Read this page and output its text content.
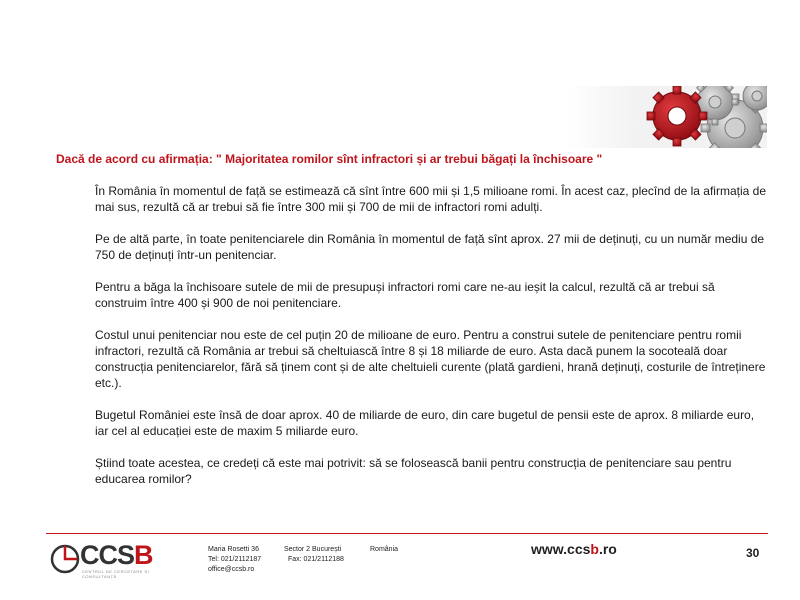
Dacă de acord cu afirmația: " Majoritatea romilor sînt infractori și ar trebui băgați la închisoare "

În România în momentul de față se estimează că sînt între 600 mii și 1,5 milioane romi. În acest caz, plecînd de la afirmația de mai sus, rezultă că ar trebui să fie între 300 mii și 700 de mii de infractori romi adulți.

Pe de altă parte, în toate penitenciarele din România în momentul de față sînt aprox. 27 mii de deținuți, cu un număr mediu de 750 de deținuți într-un penitenciar.

Pentru a băga la închisoare sutele de mii de presupuși infractori romi care ne-au ieșit la calcul, rezultă că ar trebui să construim între 400 și 900 de noi penitenciare.

Costul unui penitenciar nou este de cel puțin 20 de milioane de euro. Pentru a construi sutele de penitenciare pentru romii infractori, rezultă că România ar trebui să cheltuiască între 8 și 18 miliarde de euro. Asta dacă punem la socoteală doar construcția penitenciarelor, fără să ținem cont și de alte cheltuieli curente (plată gardieni, hrană deținuți, costurile de întreținere etc.).

Bugetul României este însă de doar aprox. 40 de miliarde de euro, din care bugetul de pensii este de aprox. 8 miliarde euro, iar cel al educației este de maxim 5 miliarde euro.

Știind toate acestea, ce credeți că este mai potrivit: să se folosească banii pentru construcția de penitenciare sau pentru educarea romilor?

CCSB
CENTRUL DE CERCETARE ȘI CONSULTANȚĂ
Maria Rosetti 36	Sector 2 București	România
Tel: 021/2112187	Fax: 021/2112188
office@ccsb.ro
www.ccsb.ro	30
